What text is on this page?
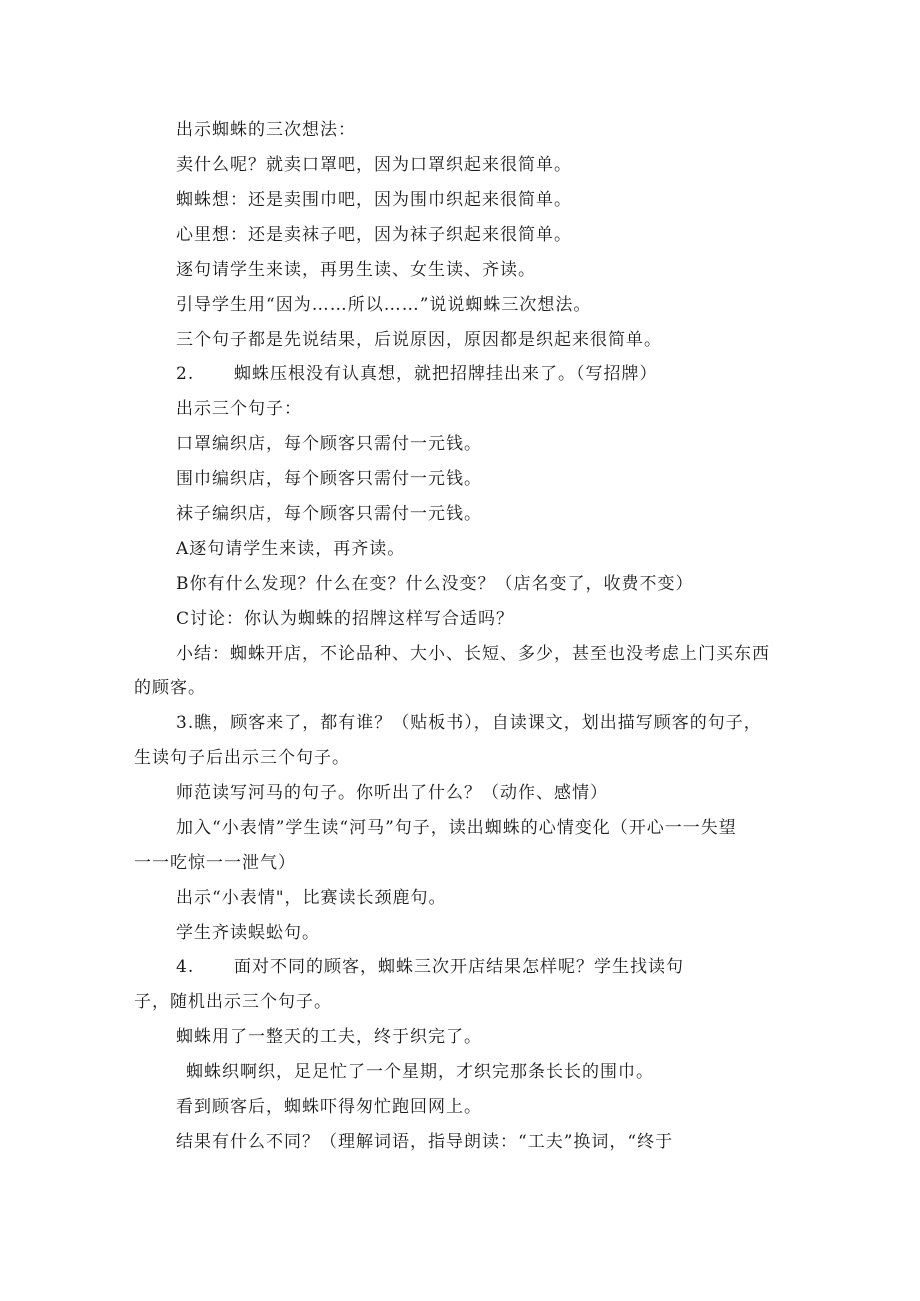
出示蜘蛛的三次想法：
卖什么呢？就卖口罩吧，因为口罩织起来很简单。
蜘蛛想：还是卖围巾吧，因为围巾织起来很简单。
心里想：还是卖袜子吧，因为袜子织起来很简单。
逐句请学生来读，再男生读、女生读、齐读。
引导学生用“因为……所以……”说说蜘蛛三次想法。
三个句子都是先说结果，后说原因，原因都是织起来很简单。
2. 蜘蛛压根没有认真想，就把招牌挂出来了。（写招牌）
出示三个句子：
口罩编织店，每个顾客只需付一元钱。
围巾编织店，每个顾客只需付一元钱。
袜子编织店，每个顾客只需付一元钱。
A逐句请学生来读，再齐读。
B你有什么发现？什么在变？什么没变？（店名变了，收费不变）
C讨论：你认为蜘蛛的招牌这样写合适吗？
小结：蜘蛛开店，不论品种、大小、长短、多少，甚至也没考虑上门买东西
的顾客。
3.瞧，顾客来了，都有谁？（贴板书），自读课文，划出描写顾客的句子，
生读句子后出示三个句子。
师范读写河马的句子。你听出了什么？（动作、感情）
加入“小表情”学生读“河马”句子，读出蜘蛛的心情变化（开心一一失望
一一吃惊一一泄气）
出示“小表情"，比赛读长颈鹿句。
学生齐读蜈蚣句。
4. 面对不同的顾客，蜘蛛三次开店结果怎样呢？学生找读句
子，随机出示三个句子。
蜘蛛用了一整天的工夫，终于织完了。
蜘蛛织啊织，足足忙了一个星期，才织完那条长长的围巾。
看到顾客后，蜘蛛吓得匆忙跑回网上。
结果有什么不同？（理解词语，指导朗读：“工夫”换词，“终于
